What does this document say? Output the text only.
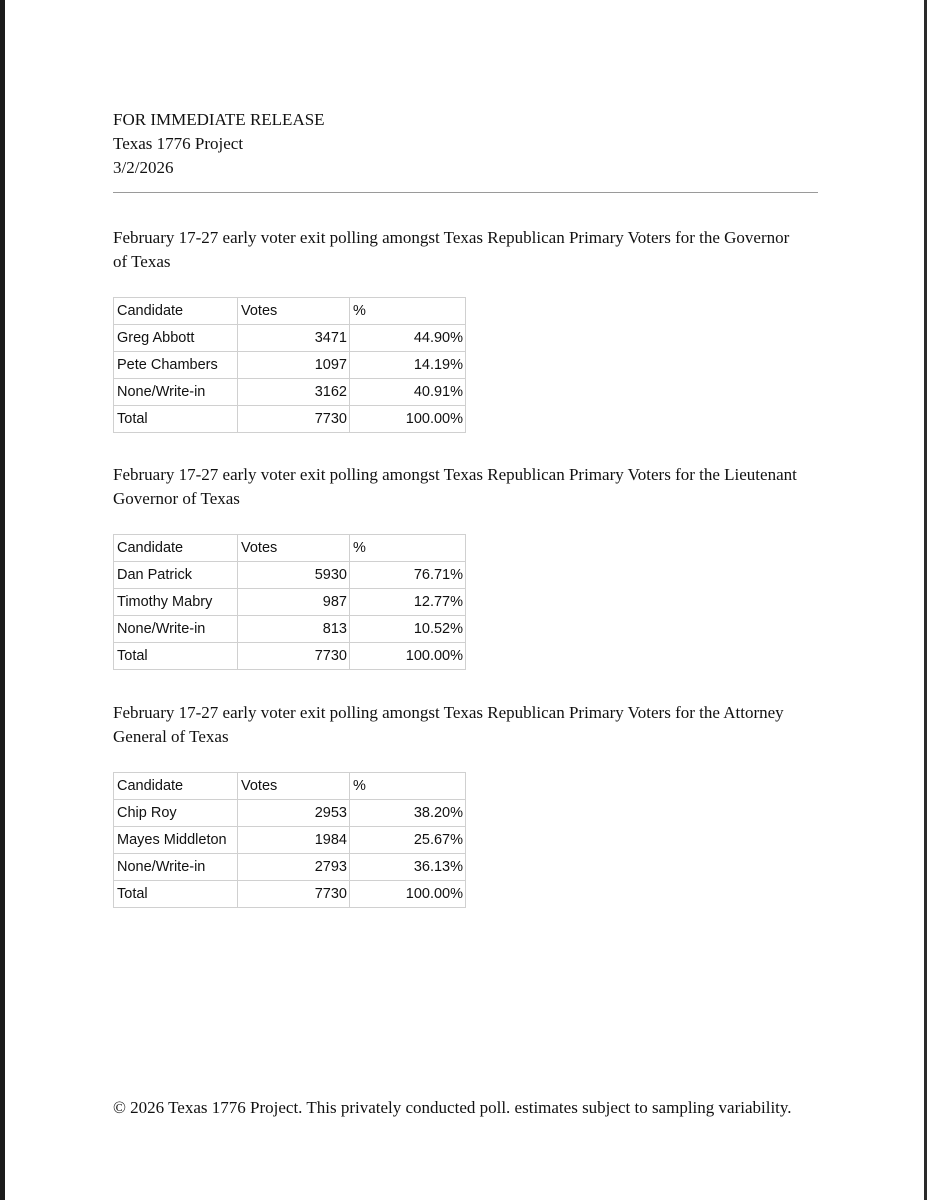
FOR IMMEDIATE RELEASE
Texas 1776 Project
3/2/2026
February 17-27 early voter exit polling amongst Texas Republican Primary Voters for the Governor of Texas
Candidate	Votes	%
Greg Abbott	3471	44.90%
Pete Chambers	1097	14.19%
None/Write-in	3162	40.91%
Total	7730	100.00%
February 17-27 early voter exit polling amongst Texas Republican Primary Voters for the Lieutenant Governor of Texas
Candidate	Votes	%
Dan Patrick	5930	76.71%
Timothy Mabry	987	12.77%
None/Write-in	813	10.52%
Total	7730	100.00%
February 17-27 early voter exit polling amongst Texas Republican Primary Voters for the Attorney General of Texas
Candidate	Votes	%
Chip Roy	2953	38.20%
Mayes Middleton	1984	25.67%
None/Write-in	2793	36.13%
Total	7730	100.00%
© 2026 Texas 1776 Project. This privately conducted poll. estimates subject to sampling variability.
